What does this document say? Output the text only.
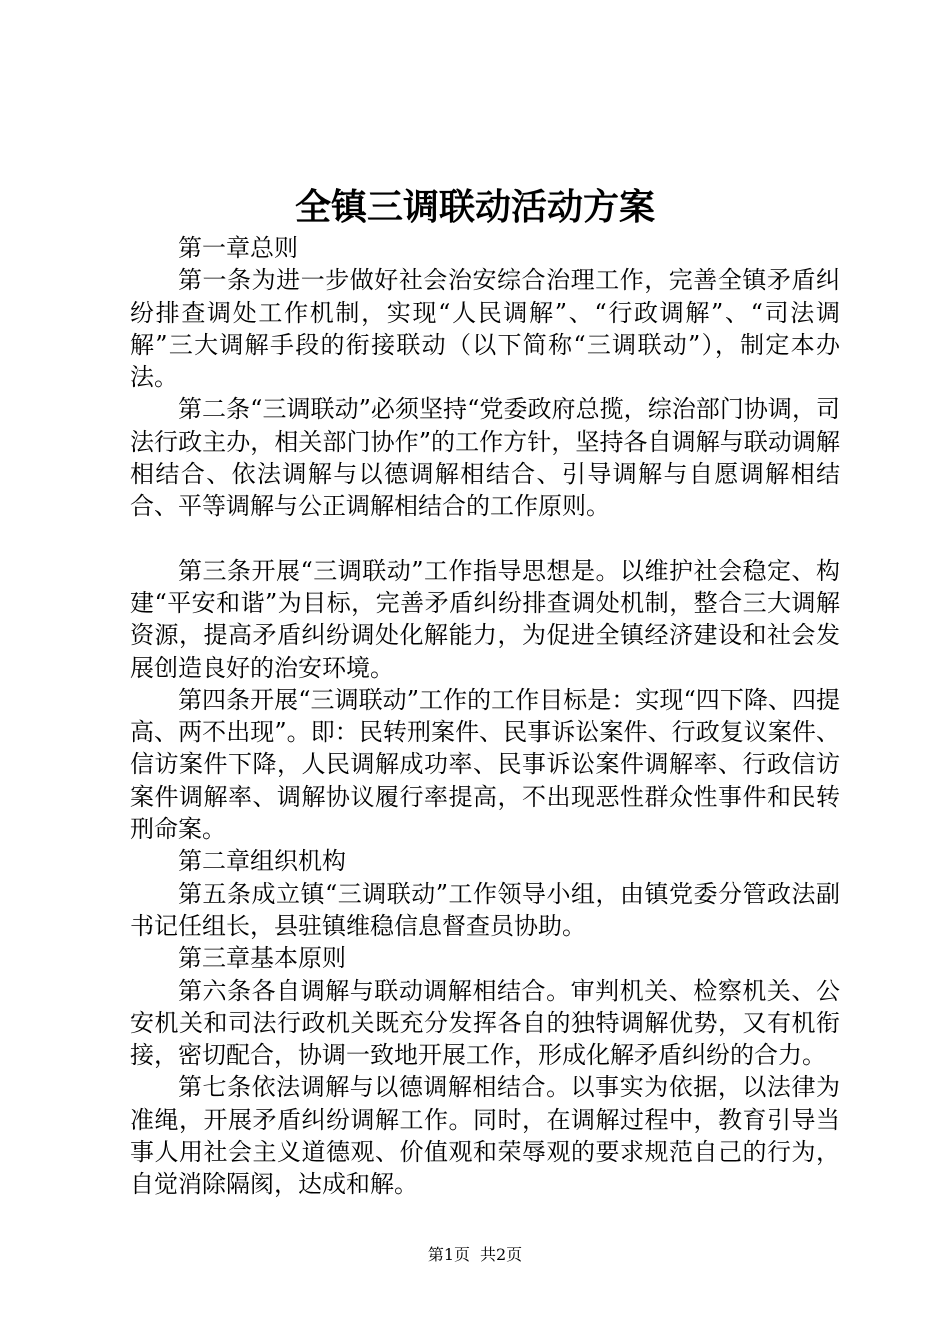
全镇三调联动活动方案

第一章总则

第一条为进一步做好社会治安综合治理工作，完善全镇矛盾纠纷排查调处工作机制，实现“人民调解”、“行政调解”、“司法调解”三大调解手段的衔接联动（以下简称“三调联动”），制定本办法。

第二条“三调联动”必须坚持“党委政府总揽，综治部门协调，司法行政主办，相关部门协作”的工作方针，坚持各自调解与联动调解相结合、依法调解与以德调解相结合、引导调解与自愿调解相结合、平等调解与公正调解相结合的工作原则。

第三条开展“三调联动”工作指导思想是。以维护社会稳定、构建“平安和谐”为目标，完善矛盾纠纷排查调处机制，整合三大调解资源，提高矛盾纠纷调处化解能力，为促进全镇经济建设和社会发展创造良好的治安环境。

第四条开展“三调联动”工作的工作目标是：实现“四下降、四提高、两不出现”。即：民转刑案件、民事诉讼案件、行政复议案件、信访案件下降，人民调解成功率、民事诉讼案件调解率、行政信访案件调解率、调解协议履行率提高，不出现恶性群众性事件和民转刑命案。

第二章组织机构

第五条成立镇“三调联动”工作领导小组，由镇党委分管政法副书记任组长，县驻镇维稳信息督查员协助。

第三章基本原则

第六条各自调解与联动调解相结合。审判机关、检察机关、公安机关和司法行政机关既充分发挥各自的独特调解优势，又有机衔接，密切配合，协调一致地开展工作，形成化解矛盾纠纷的合力。

第七条依法调解与以德调解相结合。以事实为依据，以法律为准绳，开展矛盾纠纷调解工作。同时，在调解过程中，教育引导当事人用社会主义道德观、价值观和荣辱观的要求规范自己的行为，自觉消除隔阂，达成和解。

第1页 共2页
